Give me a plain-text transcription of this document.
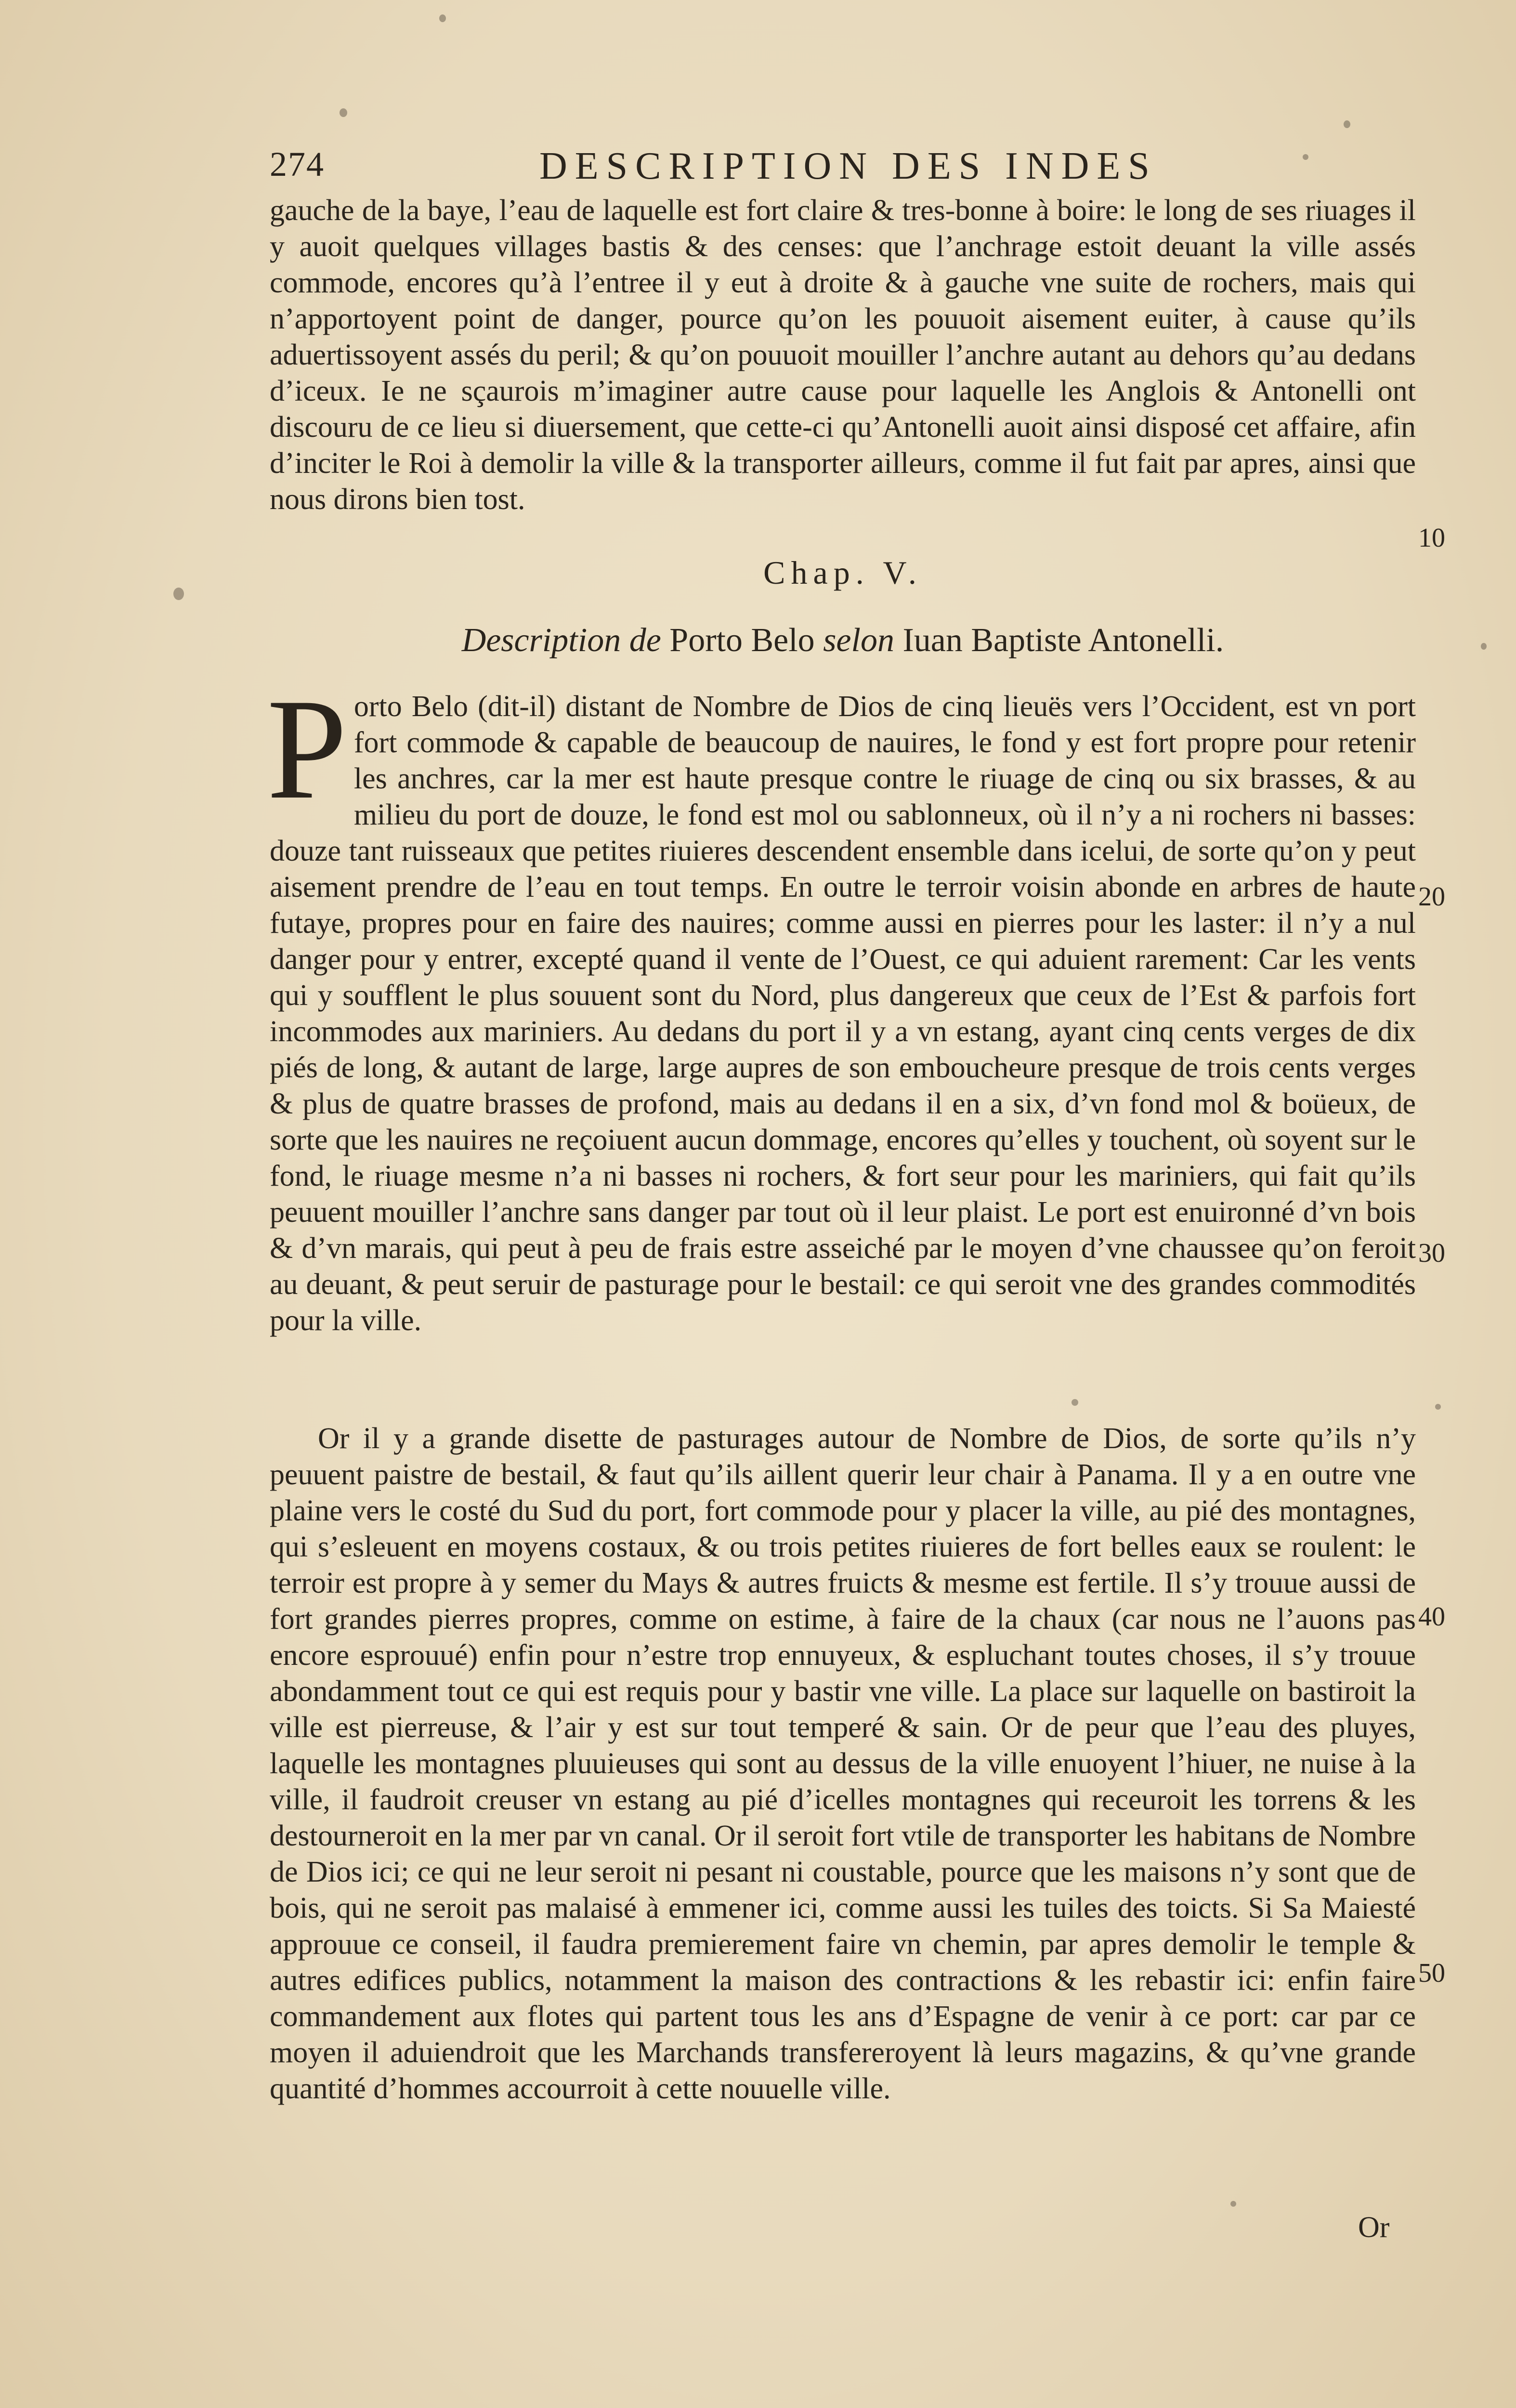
274	DESCRIPTION DES INDES
gauche de la baye, l’eau de laquelle est fort claire & tres-bonne à boire: le long de ses riuages il y auoit quelques villages bastis & des censes: que l’anchrage estoit deuant la ville assés commode, encores qu’à l’entree il y eut à droite & à gauche vne suite de rochers, mais qui n’apportoyent point de danger, pource qu’on les pouuoit aisement euiter, à cause qu’ils aduertissoyent assés du peril; & qu’on pouuoit mouiller l’anchre autant au dehors qu’au dedans d’iceux. Ie ne sçaurois m’imaginer autre cause pour laquelle les Anglois & Antonelli ont discouru de ce lieu si diuersement, que cette-ci qu’Antonelli auoit ainsi disposé cet affaire, afin d’inciter le Roi à demolir la ville & la transporter ailleurs, comme il fut fait par apres, ainsi que nous dirons bien tost.
Chap. V.
Description de Porto Belo selon Iuan Baptiste Antonelli.
Porto Belo (dit-il) distant de Nombre de Dios de cinq lieuës vers l’Occident, est vn port fort commode & capable de beaucoup de nauires, le fond y est fort propre pour retenir les anchres, car la mer est haute presque contre le riuage de cinq ou six brasses, & au milieu du port de douze, le fond est mol ou sablonneux, où il n’y a ni rochers ni basses: douze tant ruisseaux que petites riuieres descendent ensemble dans icelui, de sorte qu’on y peut aisement prendre de l’eau en tout temps. En outre le terroir voisin abonde en arbres de haute futaye, propres pour en faire des nauires; comme aussi en pierres pour les laster: il n’y a nul danger pour y entrer, excepté quand il vente de l’Ouest, ce qui aduient rarement: Car les vents qui y soufflent le plus souuent sont du Nord, plus dangereux que ceux de l’Est & parfois fort incommodes aux mariniers. Au dedans du port il y a vn estang, ayant cinq cents verges de dix piés de long, & autant de large, large aupres de son emboucheure presque de trois cents verges & plus de quatre brasses de profond, mais au dedans il en a six, d’vn fond mol & boüeux, de sorte que les nauires ne reçoiuent aucun dommage, encores qu’elles y touchent, où soyent sur le fond, le riuage mesme n’a ni basses ni rochers, & fort seur pour les mariniers, qui fait qu’ils peuuent mouiller l’anchre sans danger par tout où il leur plaist. Le port est enuironné d’vn bois & d’vn marais, qui peut à peu de frais estre asseiché par le moyen d’vne chaussee qu’on feroit au deuant, & peut seruir de pasturage pour le bestail: ce qui seroit vne des grandes commodités pour la ville.
Or il y a grande disette de pasturages autour de Nombre de Dios, de sorte qu’ils n’y peuuent paistre de bestail, & faut qu’ils aillent querir leur chair à Panama. Il y a en outre vne plaine vers le costé du Sud du port, fort commode pour y placer la ville, au pié des montagnes, qui s’esleuent en moyens costaux, & ou trois petites riuieres de fort belles eaux se roulent: le terroir est propre à y semer du Mays & autres fruicts & mesme est fertile. Il s’y trouue aussi de fort grandes pierres propres, comme on estime, à faire de la chaux (car nous ne l’auons pas encore esprouué) enfin pour n’estre trop ennuyeux, & espluchant toutes choses, il s’y trouue abondamment tout ce qui est requis pour y bastir vne ville. La place sur laquelle on bastiroit la ville est pierreuse, & l’air y est sur tout temperé & sain. Or de peur que l’eau des pluyes, laquelle les montagnes pluuieuses qui sont au dessus de la ville enuoyent l’hiuer, ne nuise à la ville, il faudroit creuser vn estang au pié d’icelles montagnes qui receuroit les torrens & les destourneroit en la mer par vn canal. Or il seroit fort vtile de transporter les habitans de Nombre de Dios ici; ce qui ne leur seroit ni pesant ni coustable, pource que les maisons n’y sont que de bois, qui ne seroit pas malaisé à emmener ici, comme aussi les tuiles des toicts. Si Sa Maiesté approuue ce conseil, il faudra premierement faire vn chemin, par apres demolir le temple & autres edifices publics, notamment la maison des contractions & les rebastir ici: enfin faire commandement aux flotes qui partent tous les ans d’Espagne de venir à ce port: car par ce moyen il aduiendroit que les Marchands transfereroyent là leurs magazins, & qu’vne grande quantité d’hommes accourroit à cette nouuelle ville.
Or
10
20
30
40
50
